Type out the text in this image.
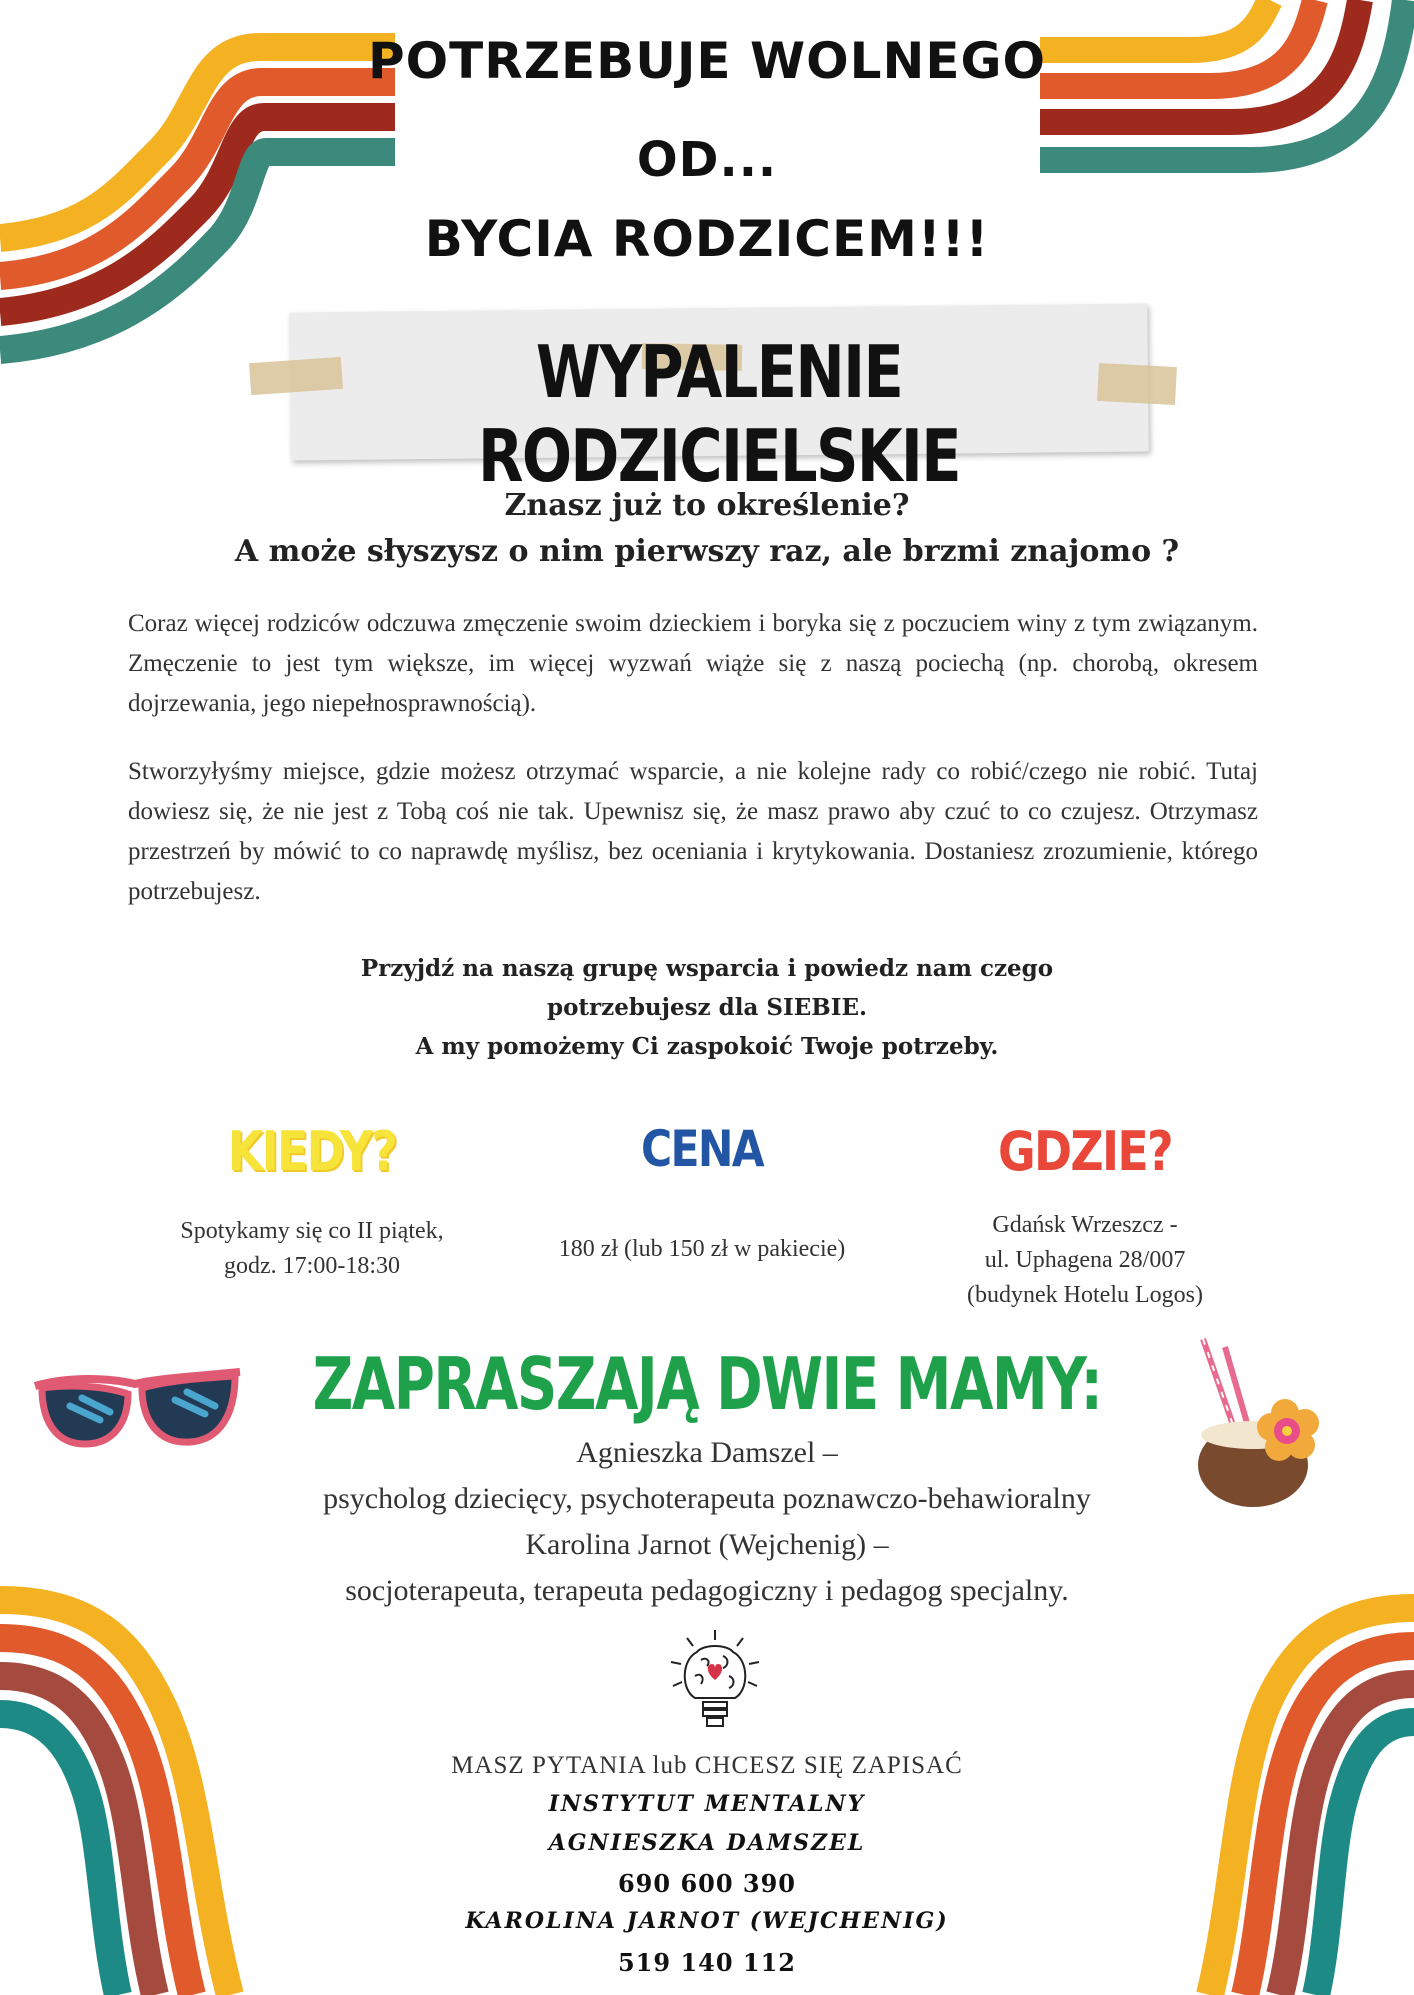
POTRZEBUJE WOLNEGO
OD...
BYCIA RODZICEM!!!
WYPALENIE RODZICIELSKIE
Znasz już to określenie?
A może słyszysz o nim pierwszy raz, ale brzmi znajomo ?

Coraz więcej rodziców odczuwa zmęczenie swoim dzieckiem i boryka się z poczuciem winy z tym związanym. Zmęczenie to jest tym większe, im więcej wyzwań wiąże się z naszą pociechą (np. chorobą, okresem dojrzewania, jego niepełnosprawnością).

Stworzyłyśmy miejsce, gdzie możesz otrzymać wsparcie, a nie kolejne rady co robić/czego nie robić. Tutaj dowiesz się, że nie jest z Tobą coś nie tak. Upewnisz się, że masz prawo aby czuć to co czujesz. Otrzymasz przestrzeń by mówić to co naprawdę myślisz, bez oceniania i krytykowania. Dostaniesz zrozumienie, którego potrzebujesz.

Przyjdź na naszą grupę wsparcia i powiedz nam czego
potrzebujesz dla SIEBIE.
A my pomożemy Ci zaspokoić Twoje potrzeby.
KIEDY?
Spotykamy się co II piątek,
godz. 17:00-18:30
CENA
180 zł (lub 150 zł w pakiecie)
GDZIE?
Gdańsk Wrzeszcz -
ul. Uphagena 28/007
(budynek Hotelu Logos)
ZAPRASZAJĄ DWIE MAMY:
Agnieszka Damszel –
psycholog dziecięcy, psychoterapeuta poznawczo-behawioralny
Karolina Jarnot (Wejchenig) –
socjoterapeuta, terapeuta pedagogiczny i pedagog specjalny.
MASZ PYTANIA lub CHCESZ SIĘ ZAPISAĆ
INSTYTUT MENTALNY
AGNIESZKA DAMSZEL
690 600 390
KAROLINA JARNOT (WEJCHENIG)
519 140 112
